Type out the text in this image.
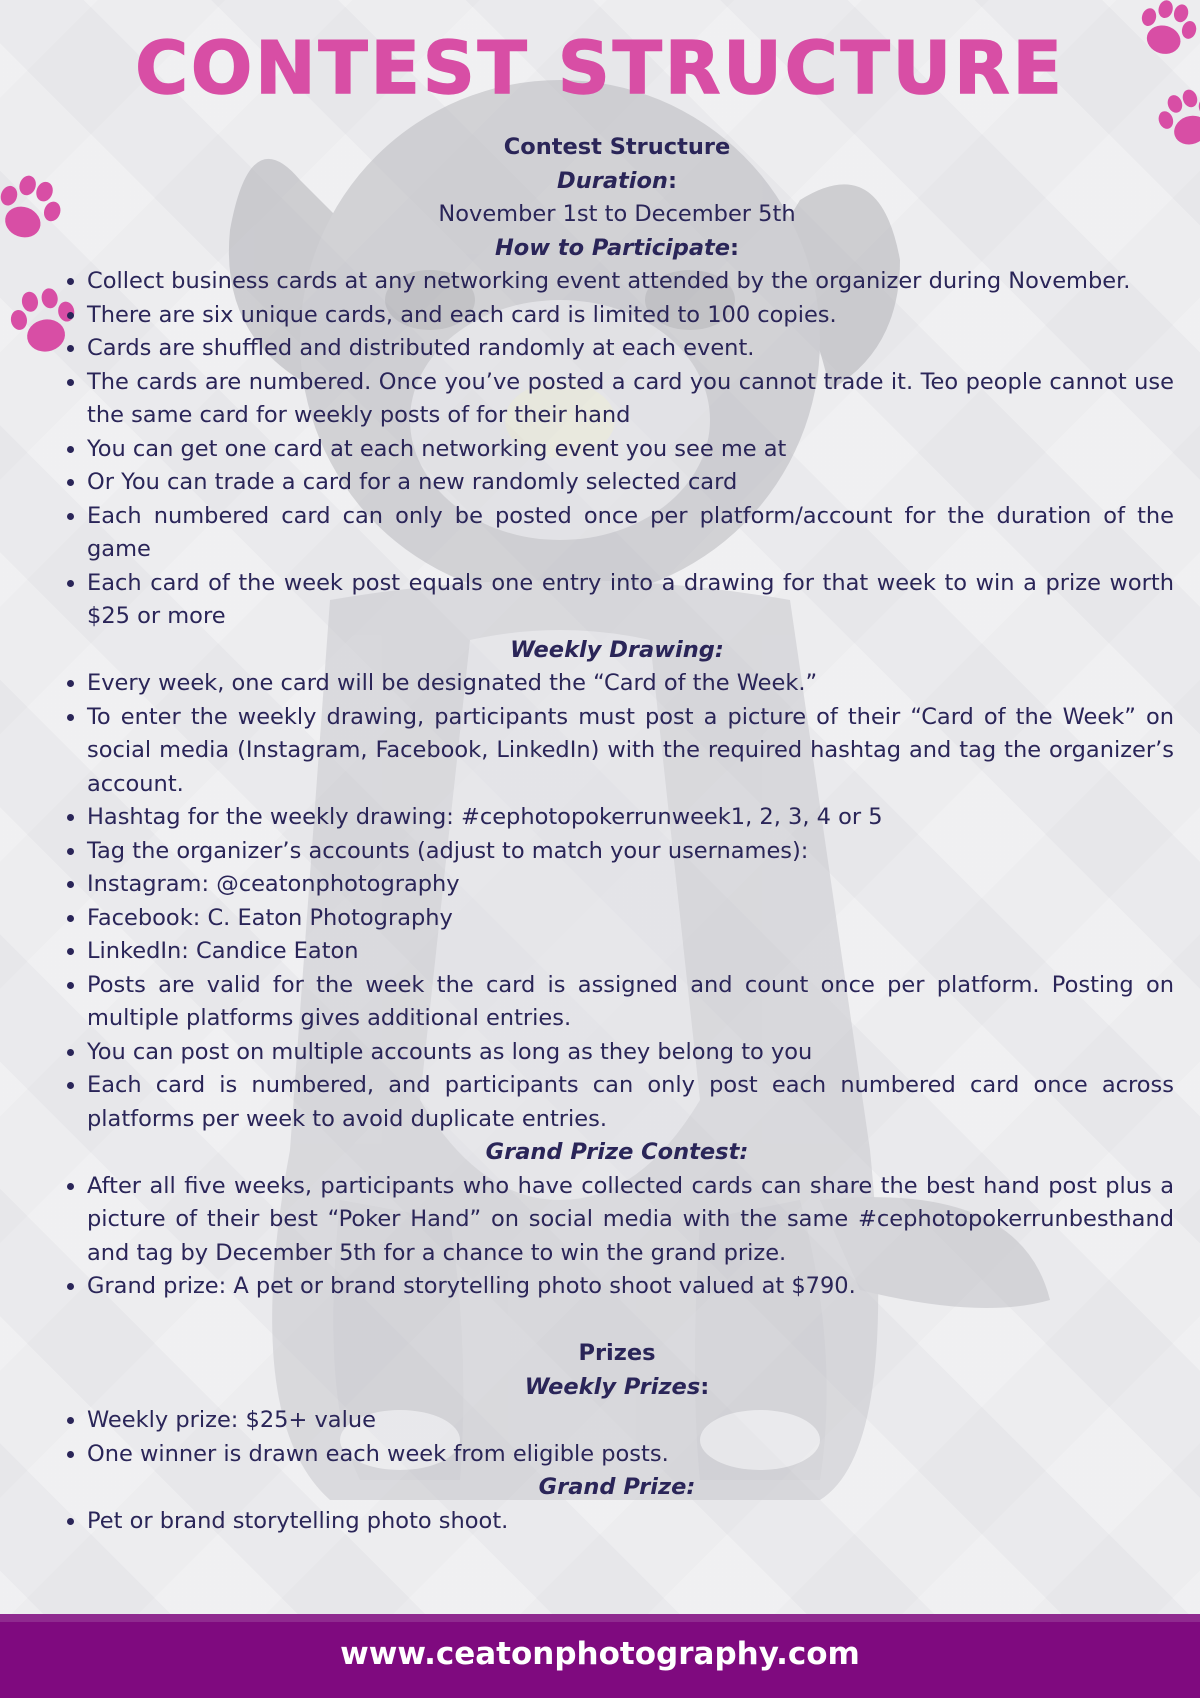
CONTEST STRUCTURE
Contest Structure
Duration:
November 1st to December 5th
How to Participate:
• Collect business cards at any networking event attended by the organizer during November.
• There are six unique cards, and each card is limited to 100 copies.
• Cards are shuffled and distributed randomly at each event.
• The cards are numbered. Once you’ve posted a card you cannot trade it. Teo people cannot use the same card for weekly posts of for their hand
• You can get one card at each networking event you see me at
• Or You can trade a card for a new randomly selected card
• Each numbered card can only be posted once per platform/account for the duration of the game
• Each card of the week post equals one entry into a drawing for that week to win a prize worth $25 or more
Weekly Drawing:
• Every week, one card will be designated the “Card of the Week.”
• To enter the weekly drawing, participants must post a picture of their “Card of the Week” on social media (Instagram, Facebook, LinkedIn) with the required hashtag and tag the organizer’s account.
• Hashtag for the weekly drawing: #cephotopokerrunweek1, 2, 3, 4 or 5
• Tag the organizer’s accounts (adjust to match your usernames):
• Instagram: @ceatonphotography
• Facebook: C. Eaton Photography
• LinkedIn: Candice Eaton
• Posts are valid for the week the card is assigned and count once per platform. Posting on multiple platforms gives additional entries.
• You can post on multiple accounts as long as they belong to you
• Each card is numbered, and participants can only post each numbered card once across platforms per week to avoid duplicate entries.
Grand Prize Contest:
• After all five weeks, participants who have collected cards can share the best hand post plus a picture of their best “Poker Hand” on social media with the same #cephotopokerrunbesthand and tag by December 5th for a chance to win the grand prize.
• Grand prize: A pet or brand storytelling photo shoot valued at $790.
Prizes
Weekly Prizes:
• Weekly prize: $25+ value
• One winner is drawn each week from eligible posts.
Grand Prize:
• Pet or brand storytelling photo shoot.
www.ceatonphotography.com
